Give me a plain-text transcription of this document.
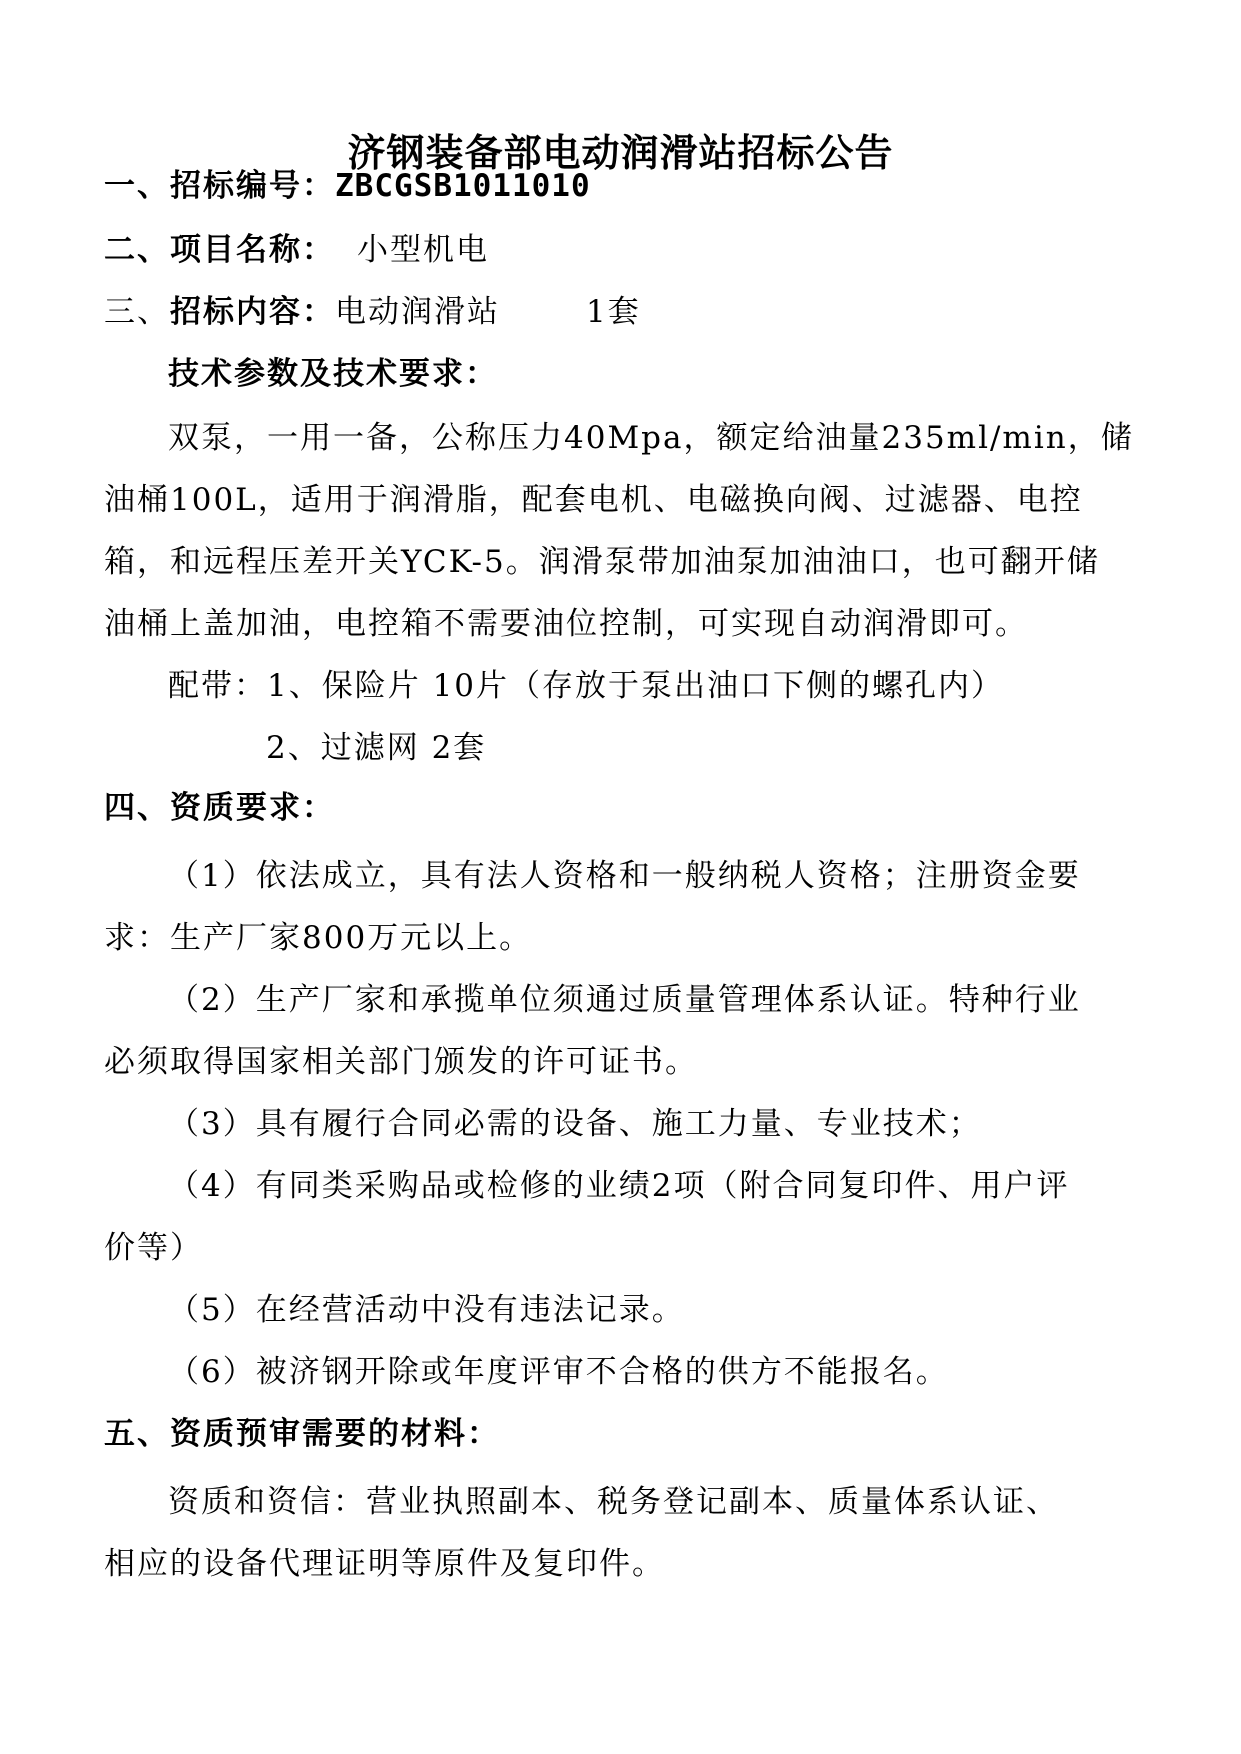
济钢装备部电动润滑站招标公告
一、招标编号：ZBCGSB1011010
二、项目名称： 小型机电
三、招标内容：电动润滑站	1套
技术参数及技术要求：
双泵，一用一备，公称压力40Mpa，额定给油量235ml/min，储
油桶100L，适用于润滑脂，配套电机、电磁换向阀、过滤器、电控
箱，和远程压差开关YCK-5。润滑泵带加油泵加油油口，也可翻开储
油桶上盖加油，电控箱不需要油位控制，可实现自动润滑即可。
配带：1、保险片 10片（存放于泵出油口下侧的螺孔内）
2、过滤网 2套
四、资质要求：
（1）依法成立，具有法人资格和一般纳税人资格；注册资金要
求：生产厂家800万元以上。
（2）生产厂家和承揽单位须通过质量管理体系认证。特种行业
必须取得国家相关部门颁发的许可证书。
（3）具有履行合同必需的设备、施工力量、专业技术；
（4）有同类采购品或检修的业绩2项（附合同复印件、用户评
价等）
（5）在经营活动中没有违法记录。
（6）被济钢开除或年度评审不合格的供方不能报名。
五、资质预审需要的材料：
资质和资信：营业执照副本、税务登记副本、质量体系认证、
相应的设备代理证明等原件及复印件。
